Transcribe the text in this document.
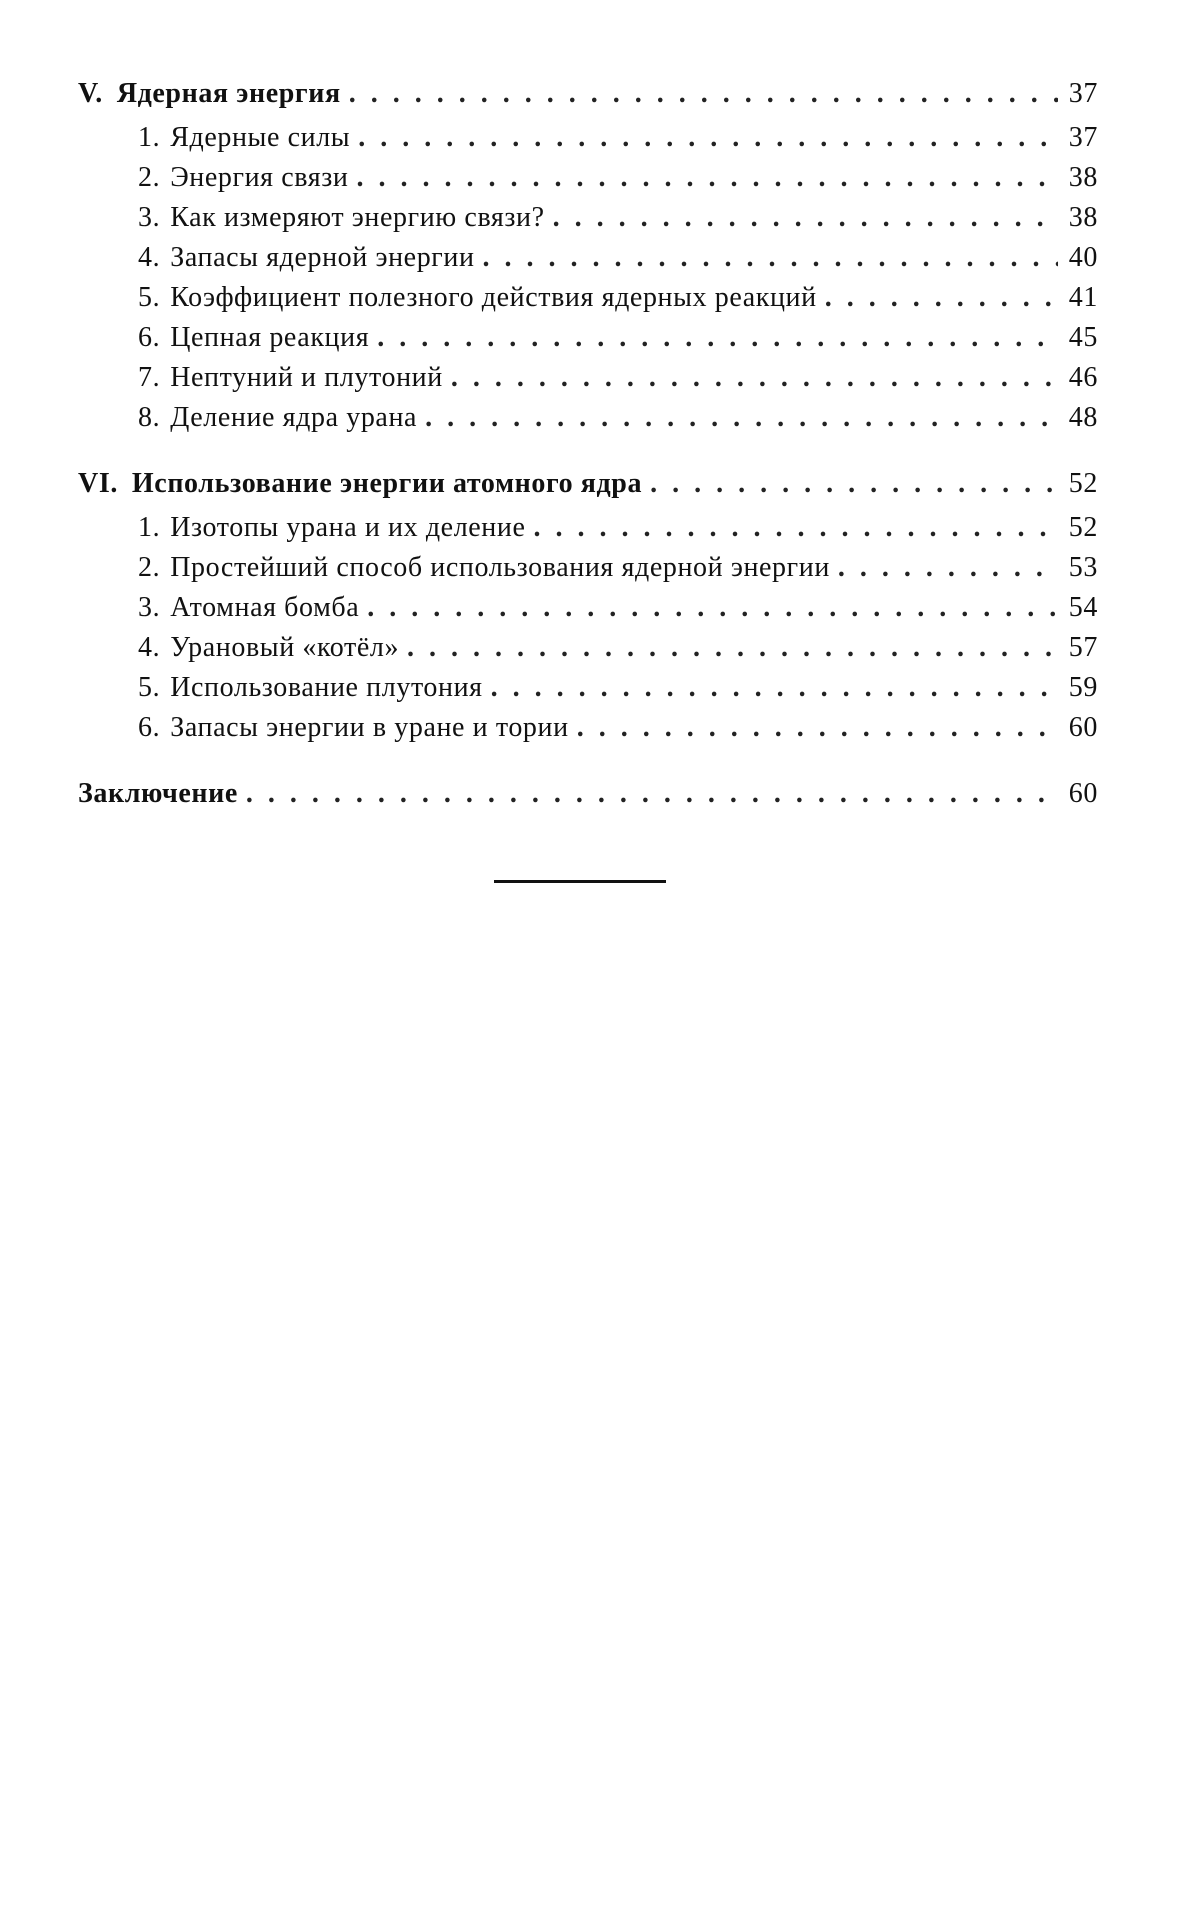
V. Ядерная энергия . . .	37
1. Ядерные силы . . .	37
2. Энергия связи . . .	38
3. Как измеряют энергию связи? . . .	38
4. Запасы ядерной энергии . . .	40
5. Коэффициент полезного действия ядерных реакций . . .	41
6. Цепная реакция . . .	45
7. Нептуний и плутоний . . .	46
8. Деление ядра урана . . .	48
VI. Использование энергии атомного ядра . . .	52
1. Изотопы урана и их деление . . .	52
2. Простейший способ использования ядерной энергии . . .	53
3. Атомная бомба . . .	54
4. Урановый «котёл» . . .	57
5. Использование плутония . . .	59
6. Запасы энергии в уране и тории . . .	60
Заключение . . .	60
